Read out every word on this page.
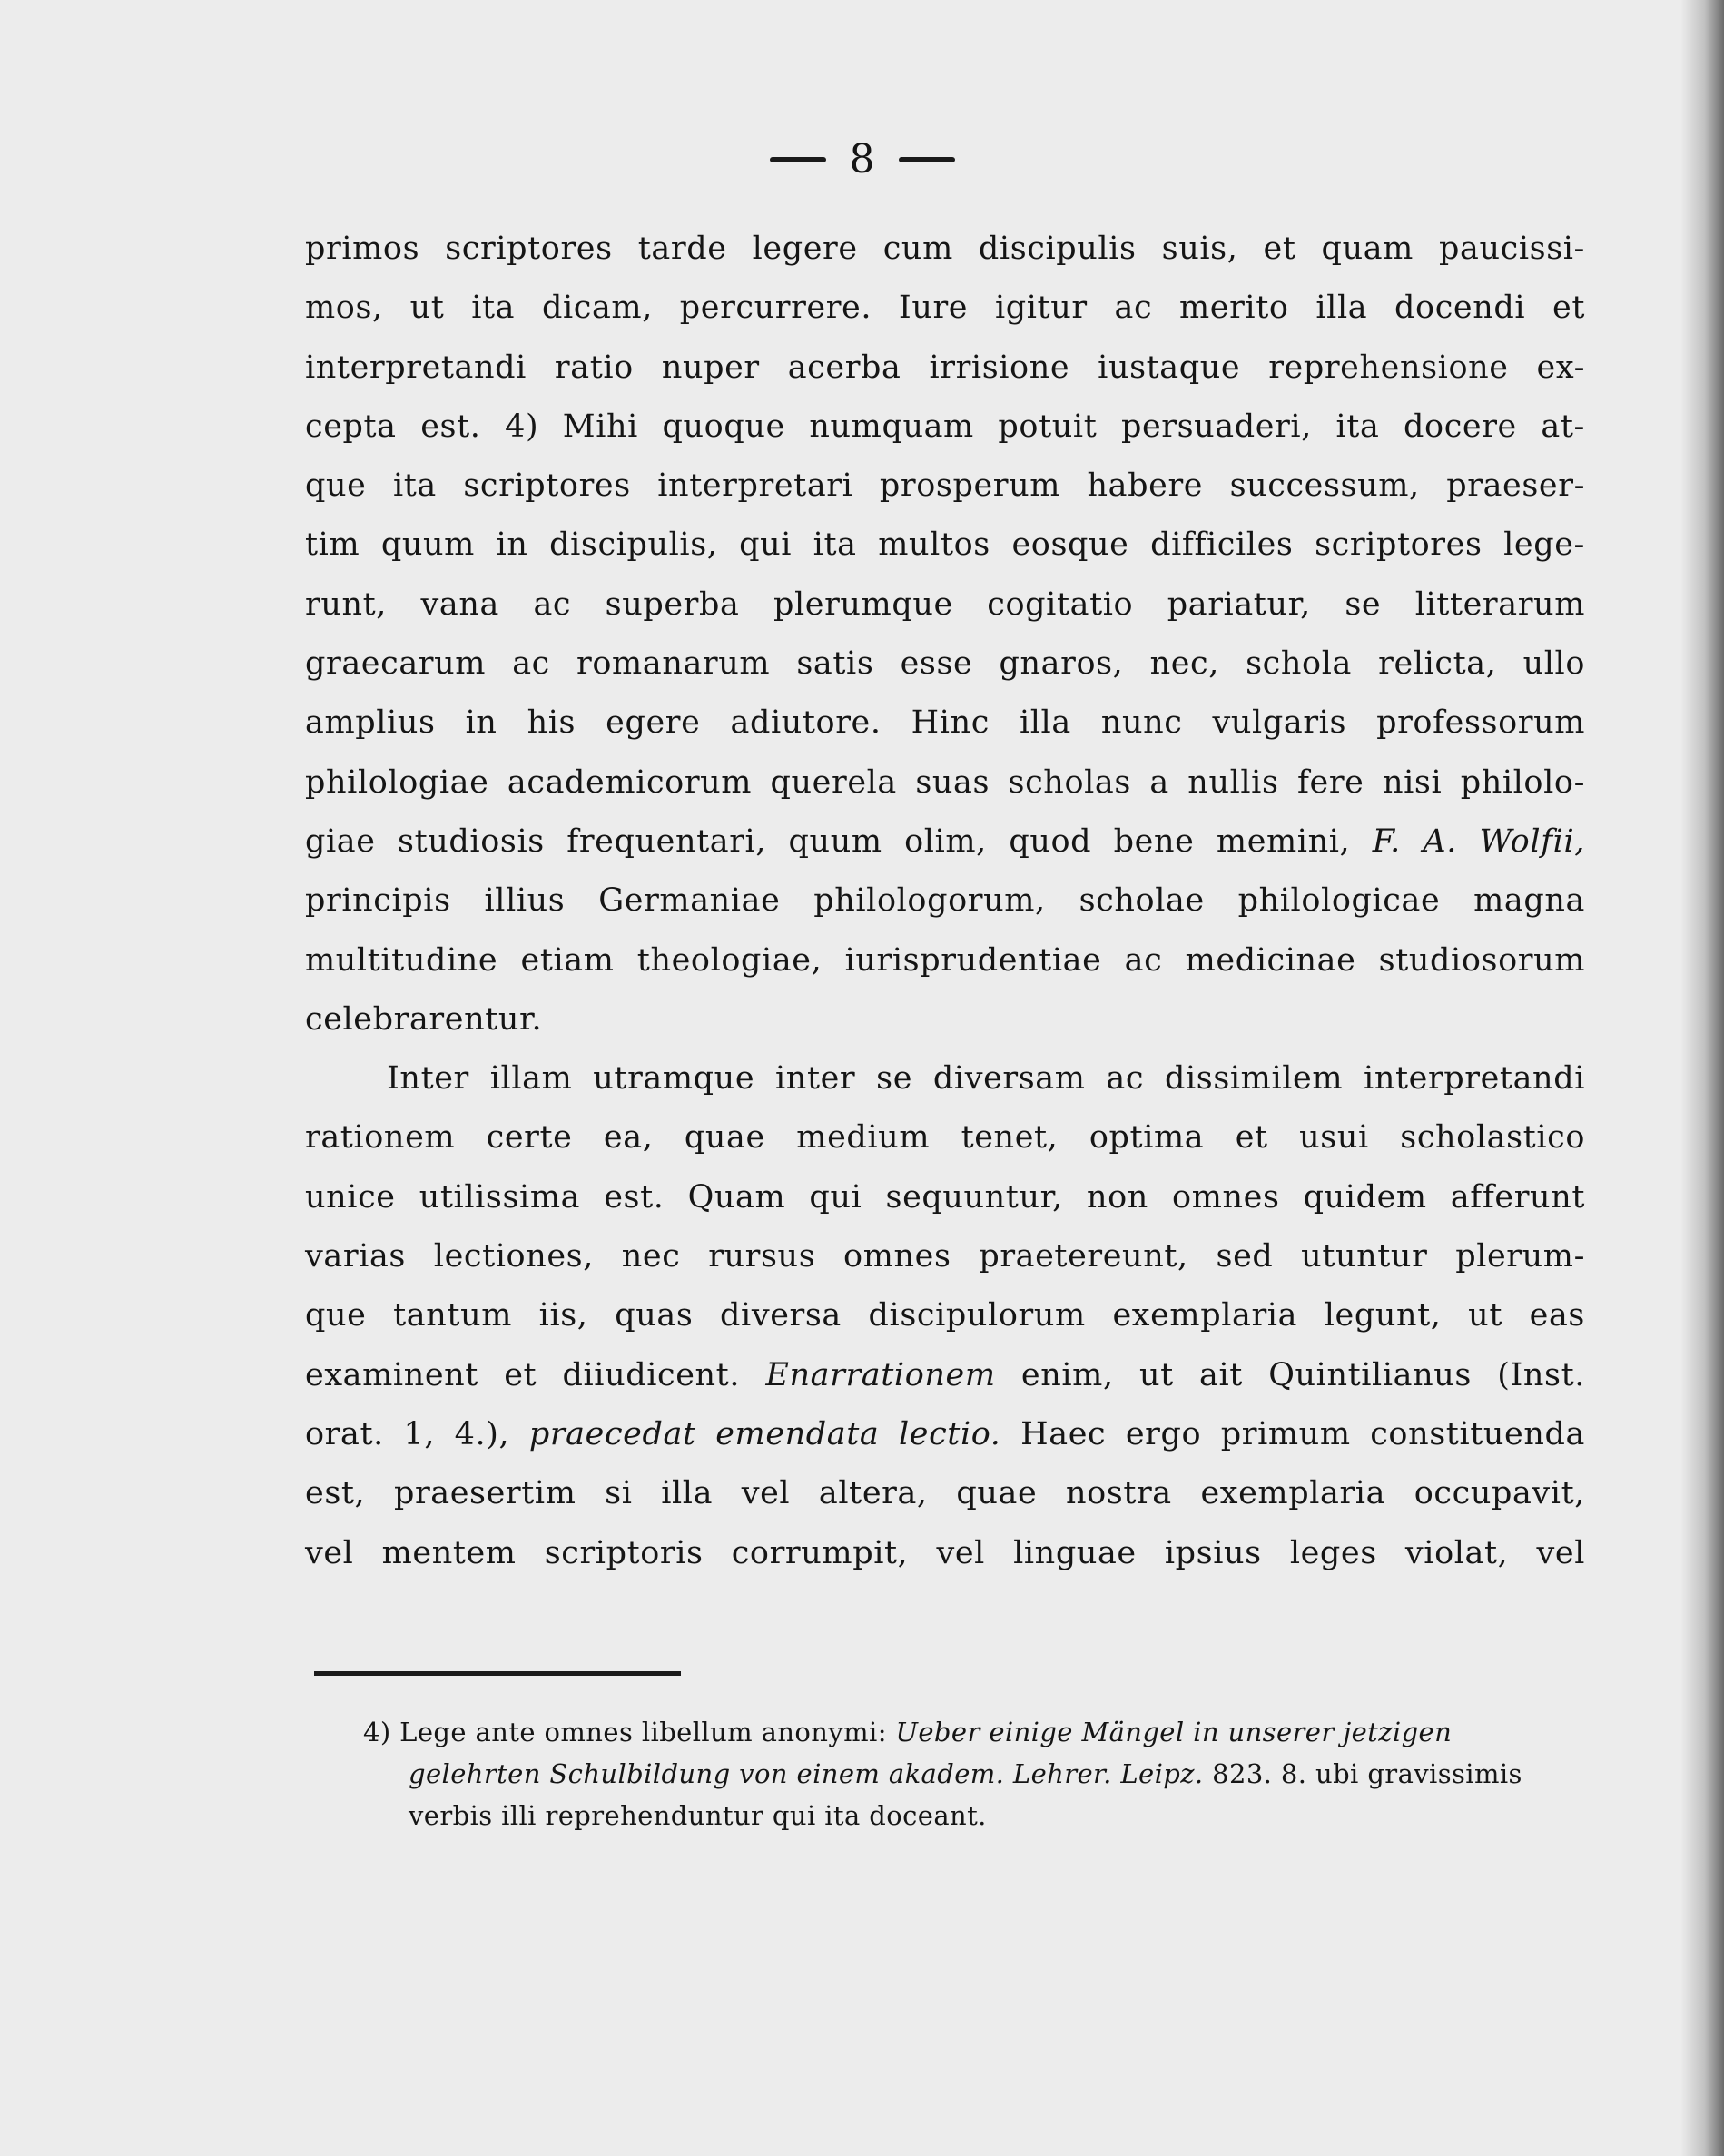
8
primos scriptores tarde legere cum discipulis suis, et quam paucissi-
mos, ut ita dicam, percurrere. Iure igitur ac merito illa docendi et
interpretandi ratio nuper acerba irrisione iustaque reprehensione ex-
cepta est. 4) Mihi quoque numquam potuit persuaderi, ita docere at-
que ita scriptores interpretari prosperum habere successum, praeser-
tim quum in discipulis, qui ita multos eosque difficiles scriptores lege-
runt, vana ac superba plerumque cogitatio pariatur, se litterarum
graecarum ac romanarum satis esse gnaros, nec, schola relicta, ullo
amplius in his egere adiutore. Hinc illa nunc vulgaris professorum
philologiae academicorum querela suas scholas a nullis fere nisi philolo-
giae studiosis frequentari, quum olim, quod bene memini, F. A. Wolfii,
principis illius Germaniae philologorum, scholae philologicae magna
multitudine etiam theologiae, iurisprudentiae ac medicinae studiosorum
celebrarentur.
Inter illam utramque inter se diversam ac dissimilem interpretandi
rationem certe ea, quae medium tenet, optima et usui scholastico
unice utilissima est. Quam qui sequuntur, non omnes quidem afferunt
varias lectiones, nec rursus omnes praetereunt, sed utuntur plerum-
que tantum iis, quas diversa discipulorum exemplaria legunt, ut eas
examinent et diiudicent. Enarrationem enim, ut ait Quintilianus (Inst.
orat. 1, 4.), praecedat emendata lectio. Haec ergo primum constituenda
est, praesertim si illa vel altera, quae nostra exemplaria occupavit,
vel mentem scriptoris corrumpit, vel linguae ipsius leges violat, vel
4) Lege ante omnes libellum anonymi: Ueber einige Mängel in unserer jetzigen
gelehrten Schulbildung von einem akadem. Lehrer. Leipz. 823. 8. ubi gravissimis
verbis illi reprehenduntur qui ita doceant.
